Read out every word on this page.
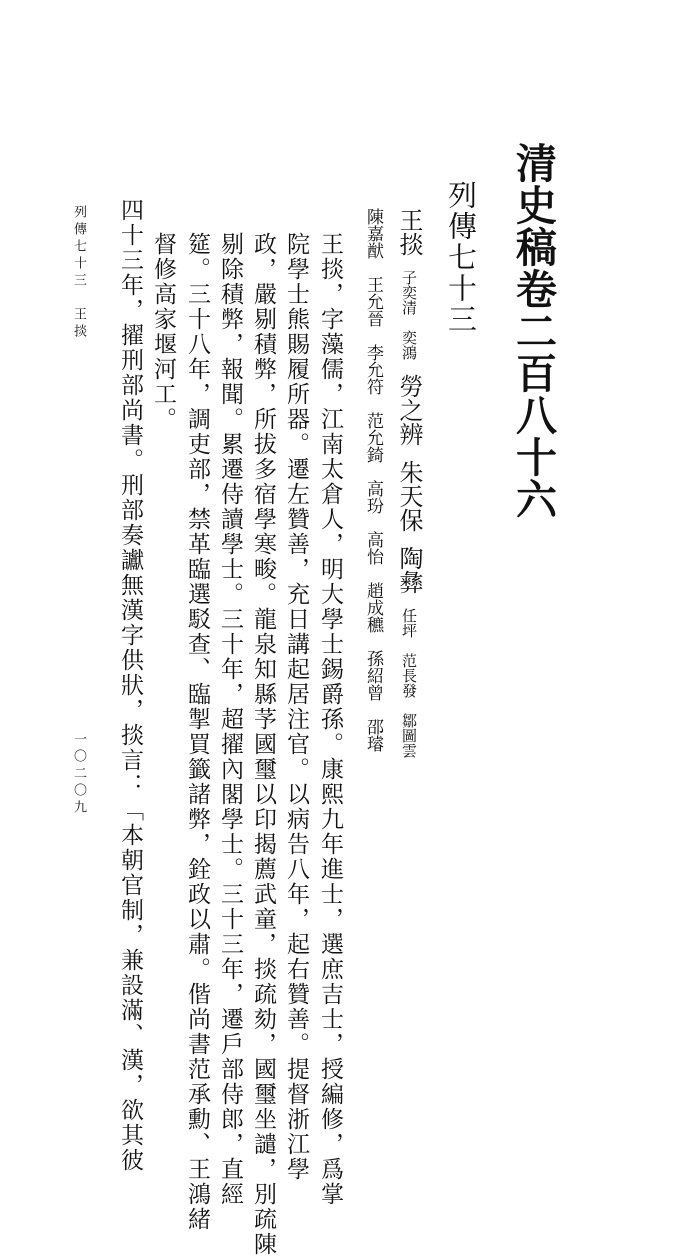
清史稿卷二百八十六
列傳七十三
王掞子奕清　奕鴻勞之辨朱天保陶彝任坪　范長發　鄒圖雲
陳嘉猷　王允晉　李允符　范允錡　高玢　高怡　趙成穮　孫紹曾　邵璿
王掞，字藻儒，江南太倉人，明大學士錫爵孫。康熙九年進士，選庶吉士，授編修，爲掌
院學士熊賜履所器。遷左贊善，充日講起居注官。以病告八年，起右贊善。提督浙江學
政，嚴剔積弊，所拔多宿學寒畯。龍泉知縣芧國璽以印揭薦武童，掞疏劾，國璽坐譴，別疏陳
剔除積弊，報聞。累遷侍讀學士。三十年，超擢內閣學士。三十三年，遷戶部侍郎，直經
筵。三十八年，調吏部，禁革臨選駁查、臨掣買籤諸弊，銓政以肅。偕尚書范承勳、王鴻緒
督修高家堰河工。
四十三年，擢刑部尚書。刑部奏讞無漢字供狀，掞言：「本朝官制，兼設滿、漢，欲其彼
列傳七十三　王掞
一〇二〇九
